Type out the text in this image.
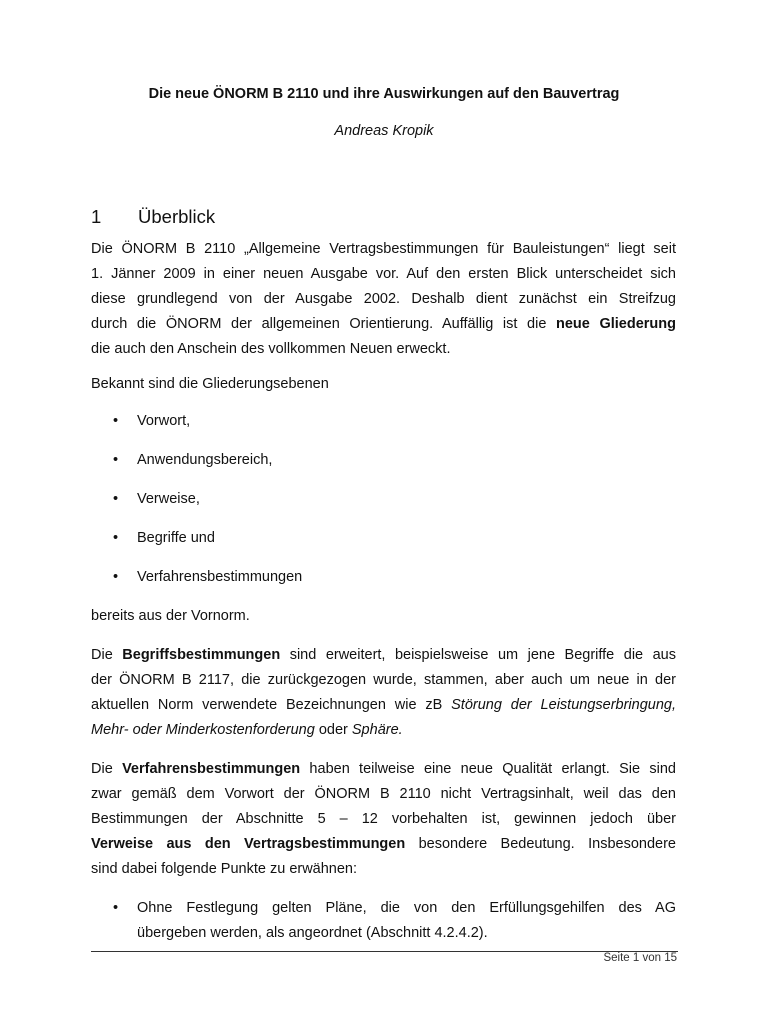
Die neue ÖNORM B 2110 und ihre Auswirkungen auf den Bauvertrag
Andreas Kropik
1 Überblick

Die ÖNORM B 2110 „Allgemeine Vertragsbestimmungen für Bauleistungen“ liegt seit
1. Jänner 2009 in einer neuen Ausgabe vor. Auf den ersten Blick unterscheidet sich
diese grundlegend von der Ausgabe 2002. Deshalb dient zunächst ein Streifzug
durch die ÖNORM der allgemeinen Orientierung. Auffällig ist die neue Gliederung
die auch den Anschein des vollkommen Neuen erweckt.

Bekannt sind die Gliederungsebenen

• Vorwort,
• Anwendungsbereich,
• Verweise,
• Begriffe und
• Verfahrensbestimmungen

bereits aus der Vornorm.

Die Begriffsbestimmungen sind erweitert, beispielsweise um jene Begriffe die aus
der ÖNORM B 2117, die zurückgezogen wurde, stammen, aber auch um neue in der
aktuellen Norm verwendete Bezeichnungen wie zB Störung der Leistungserbringung,
Mehr- oder Minderkostenforderung oder Sphäre.

Die Verfahrensbestimmungen haben teilweise eine neue Qualität erlangt. Sie sind
zwar gemäß dem Vorwort der ÖNORM B 2110 nicht Vertragsinhalt, weil das den
Bestimmungen der Abschnitte 5 – 12 vorbehalten ist, gewinnen jedoch über
Verweise aus den Vertragsbestimmungen besondere Bedeutung. Insbesondere
sind dabei folgende Punkte zu erwähnen:

• Ohne Festlegung gelten Pläne, die von den Erfüllungsgehilfen des AG
übergeben werden, als angeordnet (Abschnitt 4.2.4.2).
Seite 1 von 15
